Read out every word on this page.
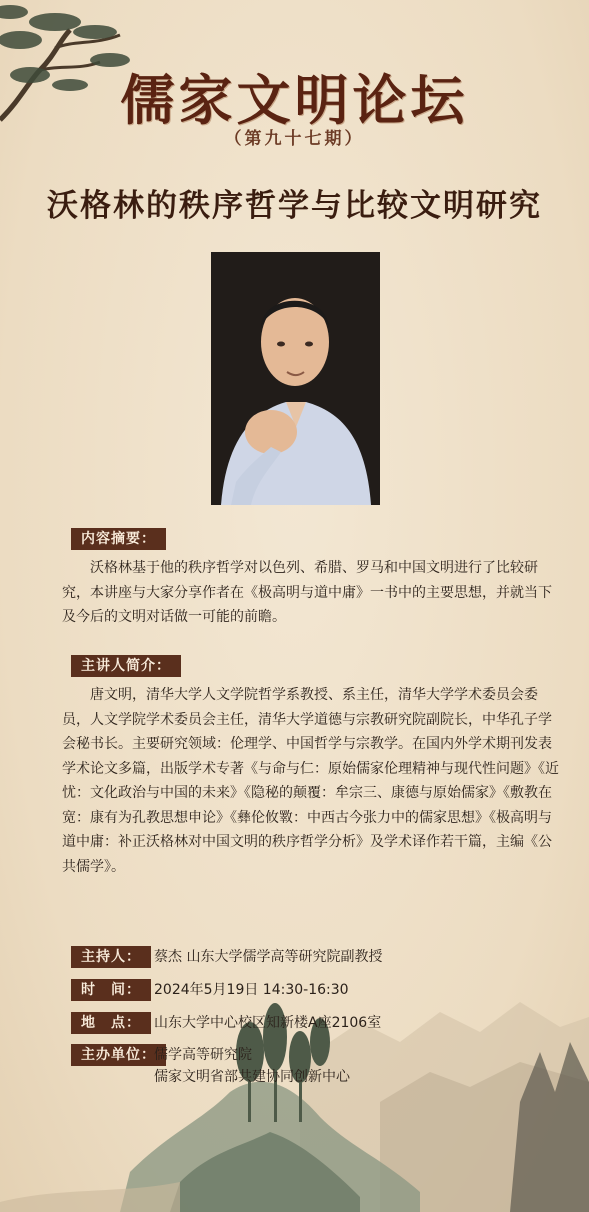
儒家文明论坛
（第九十七期）
沃格林的秩序哲学与比较文明研究
内容摘要：
沃格林基于他的秩序哲学对以色列、希腊、罗马和中国文明进行了比较研究，本讲座与大家分享作者在《极高明与道中庸》一书中的主要思想，并就当下及今后的文明对话做一可能的前瞻。
主讲人简介：
唐文明，清华大学人文学院哲学系教授、系主任，清华大学学术委员会委员，人文学院学术委员会主任，清华大学道德与宗教研究院副院长，中华孔子学会秘书长。主要研究领域：伦理学、中国哲学与宗教学。在国内外学术期刊发表学术论文多篇，出版学术专著《与命与仁：原始儒家伦理精神与现代性问题》《近忧：文化政治与中国的未来》《隐秘的颠覆：牟宗三、康德与原始儒家》《敷教在宽：康有为孔教思想申论》《彝伦攸斁：中西古今张力中的儒家思想》《极高明与道中庸：补正沃格林对中国文明的秩序哲学分析》及学术译作若干篇，主编《公共儒学》。
主持人： 蔡杰 山东大学儒学高等研究院副教授
时　间： 2024年5月19日 14:30-16:30
地　点： 山东大学中心校区知新楼A座2106室
主办单位：
儒学高等研究院
儒家文明省部共建协同创新中心
